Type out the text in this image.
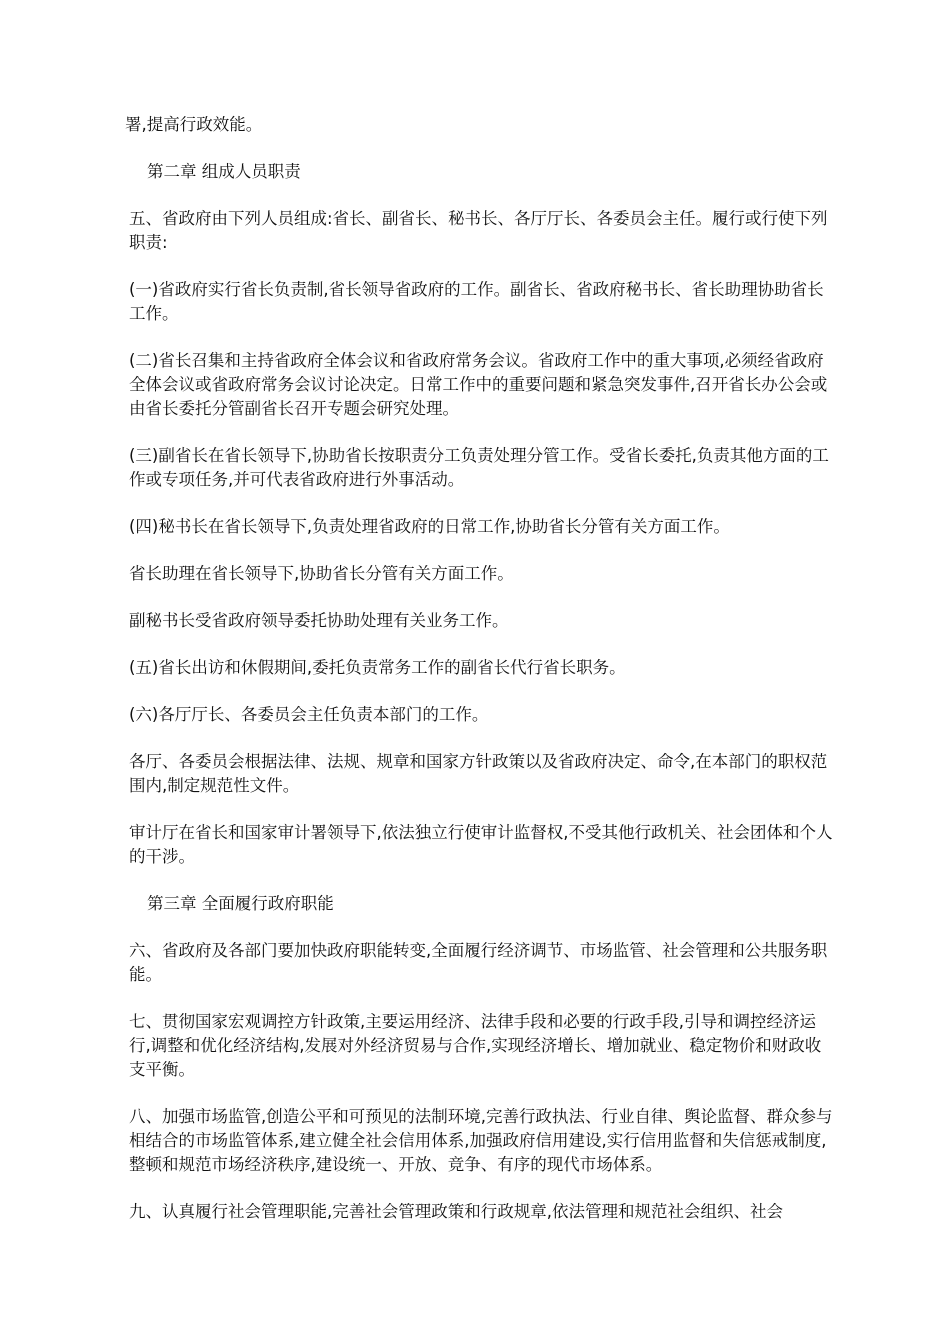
署,提高行政效能。

第二章 组成人员职责

五、省政府由下列人员组成:省长、副省长、秘书长、各厅厅长、各委员会主任。履行或行使下列职责:

(一)省政府实行省长负责制,省长领导省政府的工作。副省长、省政府秘书长、省长助理协助省长工作。

(二)省长召集和主持省政府全体会议和省政府常务会议。省政府工作中的重大事项,必须经省政府全体会议或省政府常务会议讨论决定。日常工作中的重要问题和紧急突发事件,召开省长办公会或由省长委托分管副省长召开专题会研究处理。

(三)副省长在省长领导下,协助省长按职责分工负责处理分管工作。受省长委托,负责其他方面的工作或专项任务,并可代表省政府进行外事活动。

(四)秘书长在省长领导下,负责处理省政府的日常工作,协助省长分管有关方面工作。

省长助理在省长领导下,协助省长分管有关方面工作。

副秘书长受省政府领导委托协助处理有关业务工作。

(五)省长出访和休假期间,委托负责常务工作的副省长代行省长职务。

(六)各厅厅长、各委员会主任负责本部门的工作。

各厅、各委员会根据法律、法规、规章和国家方针政策以及省政府决定、命令,在本部门的职权范围内,制定规范性文件。

审计厅在省长和国家审计署领导下,依法独立行使审计监督权,不受其他行政机关、社会团体和个人的干涉。

第三章 全面履行政府职能

六、省政府及各部门要加快政府职能转变,全面履行经济调节、市场监管、社会管理和公共服务职能。

七、贯彻国家宏观调控方针政策,主要运用经济、法律手段和必要的行政手段,引导和调控经济运行,调整和优化经济结构,发展对外经济贸易与合作,实现经济增长、增加就业、稳定物价和财政收支平衡。

八、加强市场监管,创造公平和可预见的法制环境,完善行政执法、行业自律、舆论监督、群众参与相结合的市场监管体系,建立健全社会信用体系,加强政府信用建设,实行信用监督和失信惩戒制度,整顿和规范市场经济秩序,建设统一、开放、竞争、有序的现代市场体系。

九、认真履行社会管理职能,完善社会管理政策和行政规章,依法管理和规范社会组织、社会
